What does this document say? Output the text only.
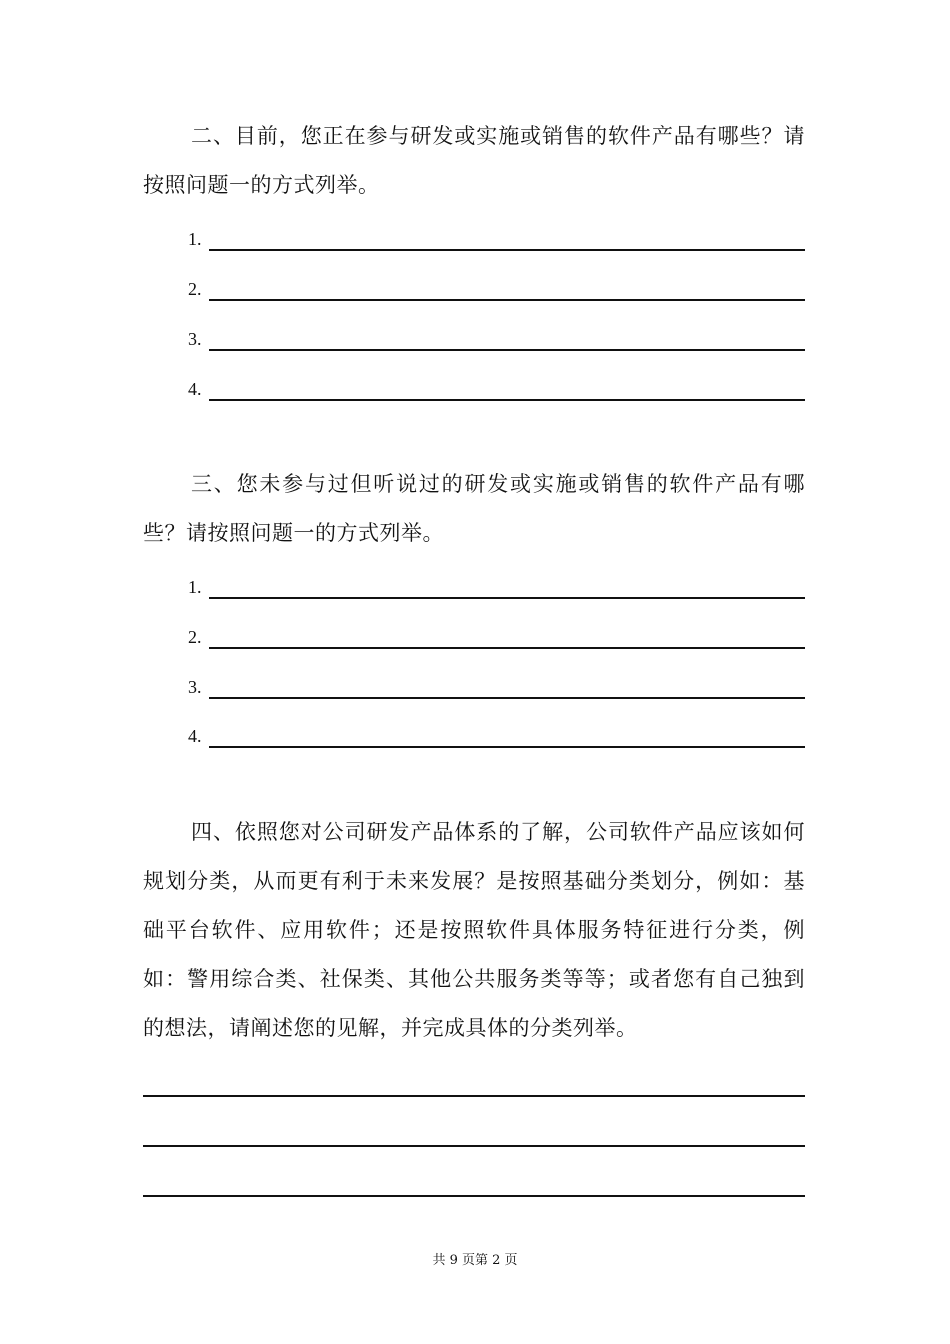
二、目前，您正在参与研发或实施或销售的软件产品有哪些？请按照问题一的方式列举。

1.
2.
3.
4.

三、您未参与过但听说过的研发或实施或销售的软件产品有哪些？请按照问题一的方式列举。

1.
2.
3.
4.

四、依照您对公司研发产品体系的了解，公司软件产品应该如何规划分类，从而更有利于未来发展？是按照基础分类划分，例如：基础平台软件、应用软件；还是按照软件具体服务特征进行分类，例如：警用综合类、社保类、其他公共服务类等等；或者您有自己独到的想法，请阐述您的见解，并完成具体的分类列举。

共 9 页第 2 页
